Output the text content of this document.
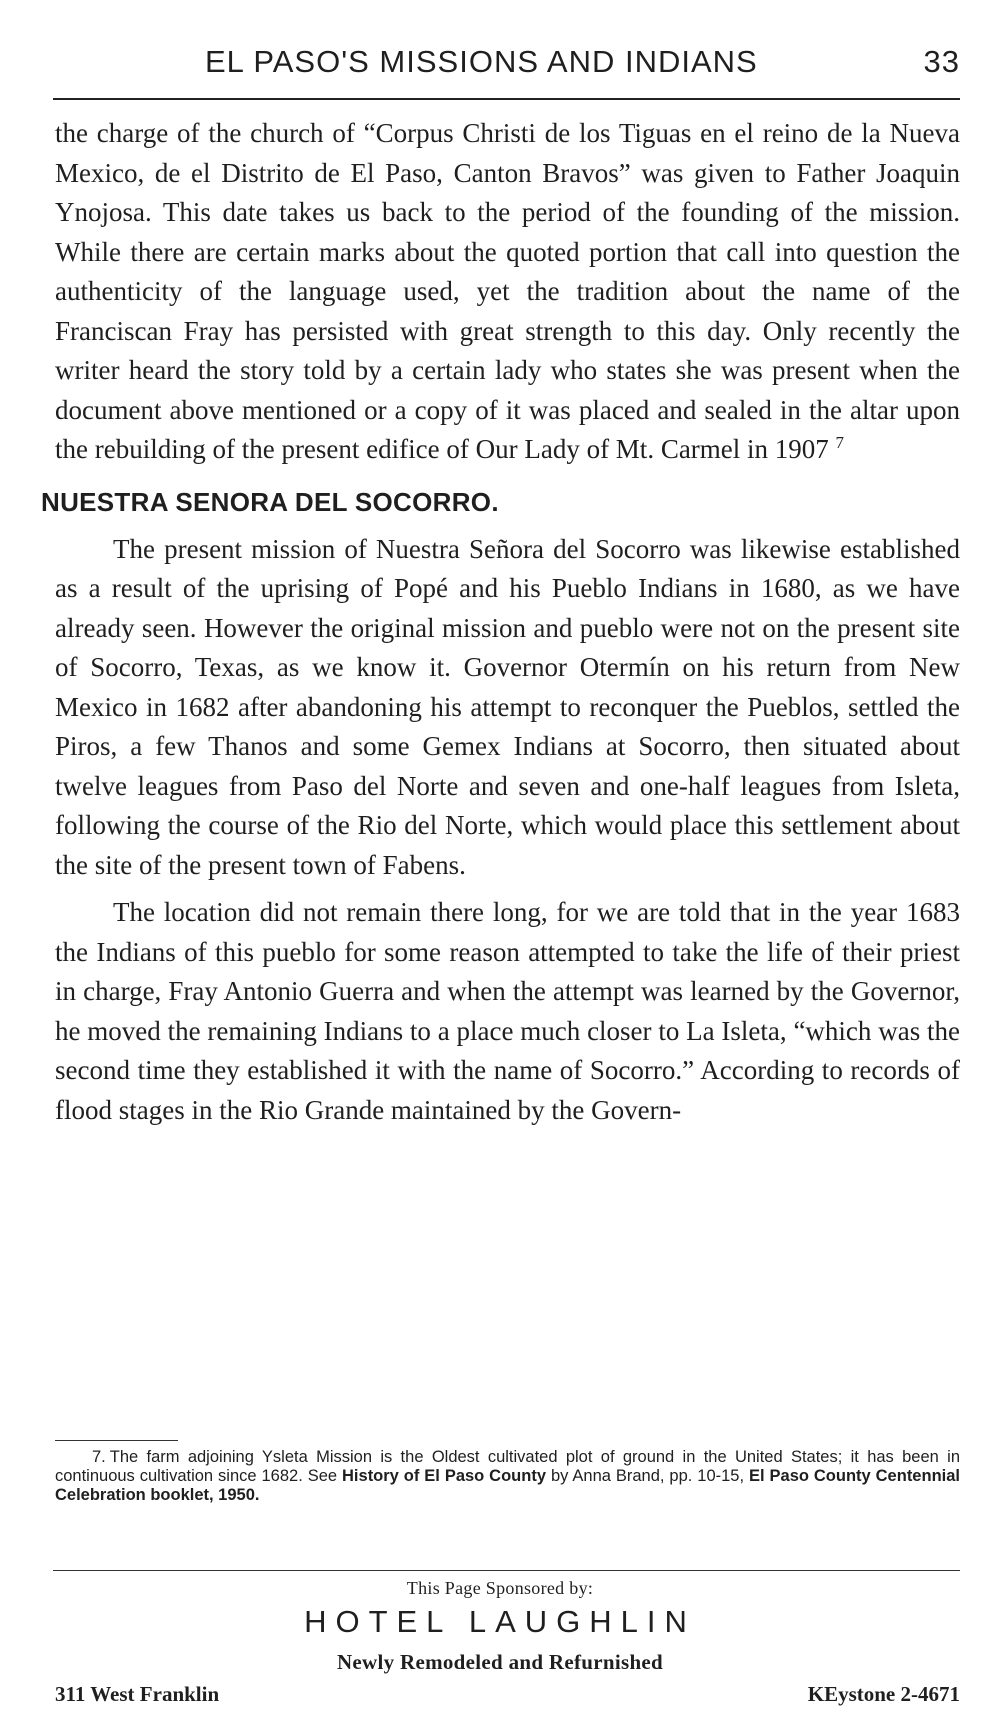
EL PASO'S MISSIONS AND INDIANS	33

the charge of the church of “Corpus Christi de los Tiguas en el reino de la Nueva Mexico, de el Distrito de El Paso, Canton Bravos” was given to Father Joaquin Ynojosa. This date takes us back to the period of the founding of the mission. While there are certain marks about the quoted portion that call into question the authenticity of the language used, yet the tradition about the name of the Franciscan Fray has persisted with great strength to this day. Only recently the writer heard the story told by a certain lady who states she was present when the document above mentioned or a copy of it was placed and sealed in the altar upon the rebuilding of the present edifice of Our Lady of Mt. Carmel in 1907 $^7$

NUESTRA SENORA DEL SOCORRO.

The present mission of Nuestra Señora del Socorro was likewise established as a result of the uprising of Popé and his Pueblo Indians in 1680, as we have already seen. However the original mission and pueblo were not on the present site of Socorro, Texas, as we know it. Governor Otermín on his return from New Mexico in 1682 after abandoning his attempt to reconquer the Pueblos, settled the Piros, a few Thanos and some Gemex Indians at Socorro, then situated about twelve leagues from Paso del Norte and seven and one-half leagues from Isleta, following the course of the Rio del Norte, which would place this settlement about the site of the present town of Fabens.

The location did not remain there long, for we are told that in the year 1683 the Indians of this pueblo for some reason attempted to take the life of their priest in charge, Fray Antonio Guerra and when the attempt was learned by the Governor, he moved the remaining Indians to a place much closer to La Isleta, “which was the second time they established it with the name of Socorro.” According to records of flood stages in the Rio Grande maintained by the Govern-

7. The farm adjoining Ysleta Mission is the Oldest cultivated plot of ground in the United States; it has been in continuous cultivation since 1682. See History of El Paso County by Anna Brand, pp. 10-15, El Paso County Centennial Celebration booklet, 1950.
This Page Sponsored by:
HOTEL LAUGHLIN
Newly Remodeled and Refurnished
311 West Franklin	KEystone 2-4671
